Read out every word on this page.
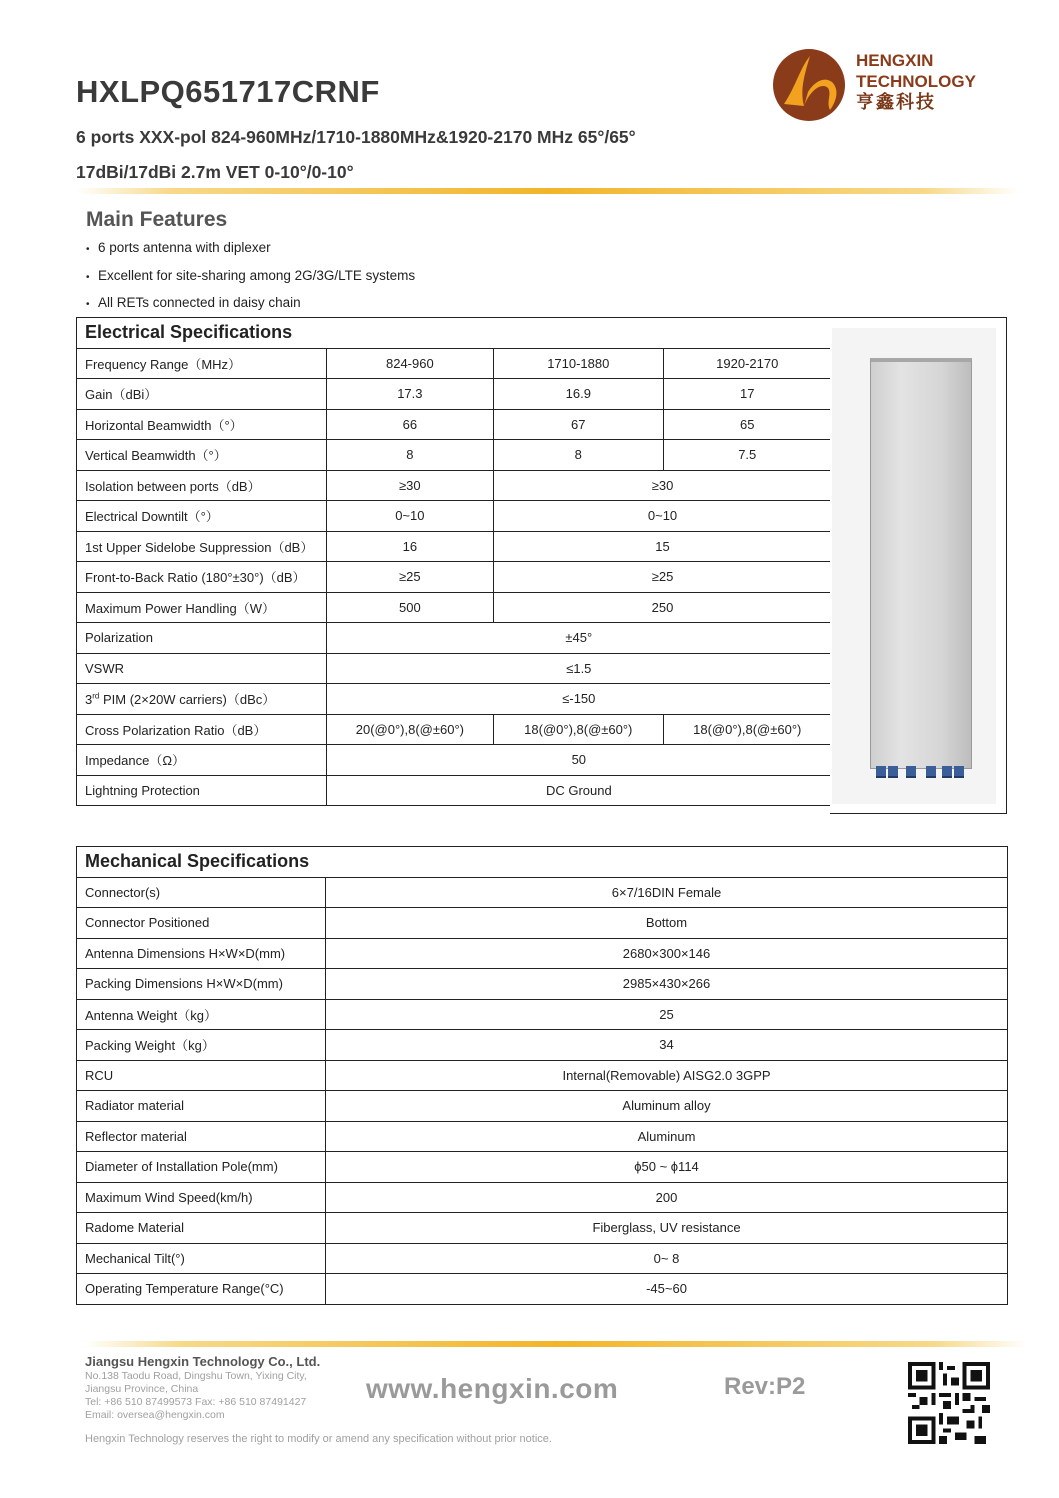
HXLPQ651717CRNF
6 ports XXX-pol 824-960MHz/1710-1880MHz&1920-2170 MHz 65°/65°
17dBi/17dBi 2.7m VET 0-10°/0-10°
HENGXIN
TECHNOLOGY
亨鑫科技
Main Features
• 6 ports antenna with diplexer
• Excellent for site-sharing among 2G/3G/LTE systems
• All RETs connected in daisy chain
Electrical Specifications			
Frequency Range（MHz）	824-960	1710-1880	1920-2170
Gain（dBi）	17.3	16.9	17
Horizontal Beamwidth（°）	66	67	65
Vertical Beamwidth（°）	8	8	7.5
Isolation between ports（dB）	≥30	≥30	
Electrical Downtilt（°）	0~10	0~10	
1st Upper Sidelobe Suppression（dB）	16	15	
Front-to-Back Ratio (180°±30°)（dB）	≥25	≥25	
Maximum Power Handling（W）	500	250	
Polarization	±45°		
VSWR	≤1.5		
3rd PIM (2×20W carriers)（dBc）	≤-150		
Cross Polarization Ratio（dB）	20(@0°),8(@±60°)	18(@0°),8(@±60°)	18(@0°),8(@±60°)
Impedance（Ω）	50		
Lightning Protection	DC Ground		
Mechanical Specifications	
Connector(s)	6×7/16DIN Female
Connector Positioned	Bottom
Antenna Dimensions H×W×D(mm)	2680×300×146
Packing Dimensions H×W×D(mm)	2985×430×266
Antenna Weight（kg）	25
Packing Weight（kg）	34
RCU	Internal(Removable) AISG2.0 3GPP
Radiator material	Aluminum alloy
Reflector material	Aluminum
Diameter of Installation Pole(mm)	ϕ50 ~ ϕ114
Maximum Wind Speed(km/h)	200
Radome Material	Fiberglass, UV resistance
Mechanical Tilt(°)	0~ 8
Operating Temperature Range(°C)	-45~60
Jiangsu Hengxin Technology Co., Ltd.
No.138 Taodu Road, Dingshu Town, Yixing City,
Jiangsu Province, China
Tel: +86 510 87499573 Fax: +86 510 87491427
Email: oversea@hengxin.com
www.hengxin.com	Rev:P2
Hengxin Technology reserves the right to modify or amend any specification without prior notice.
